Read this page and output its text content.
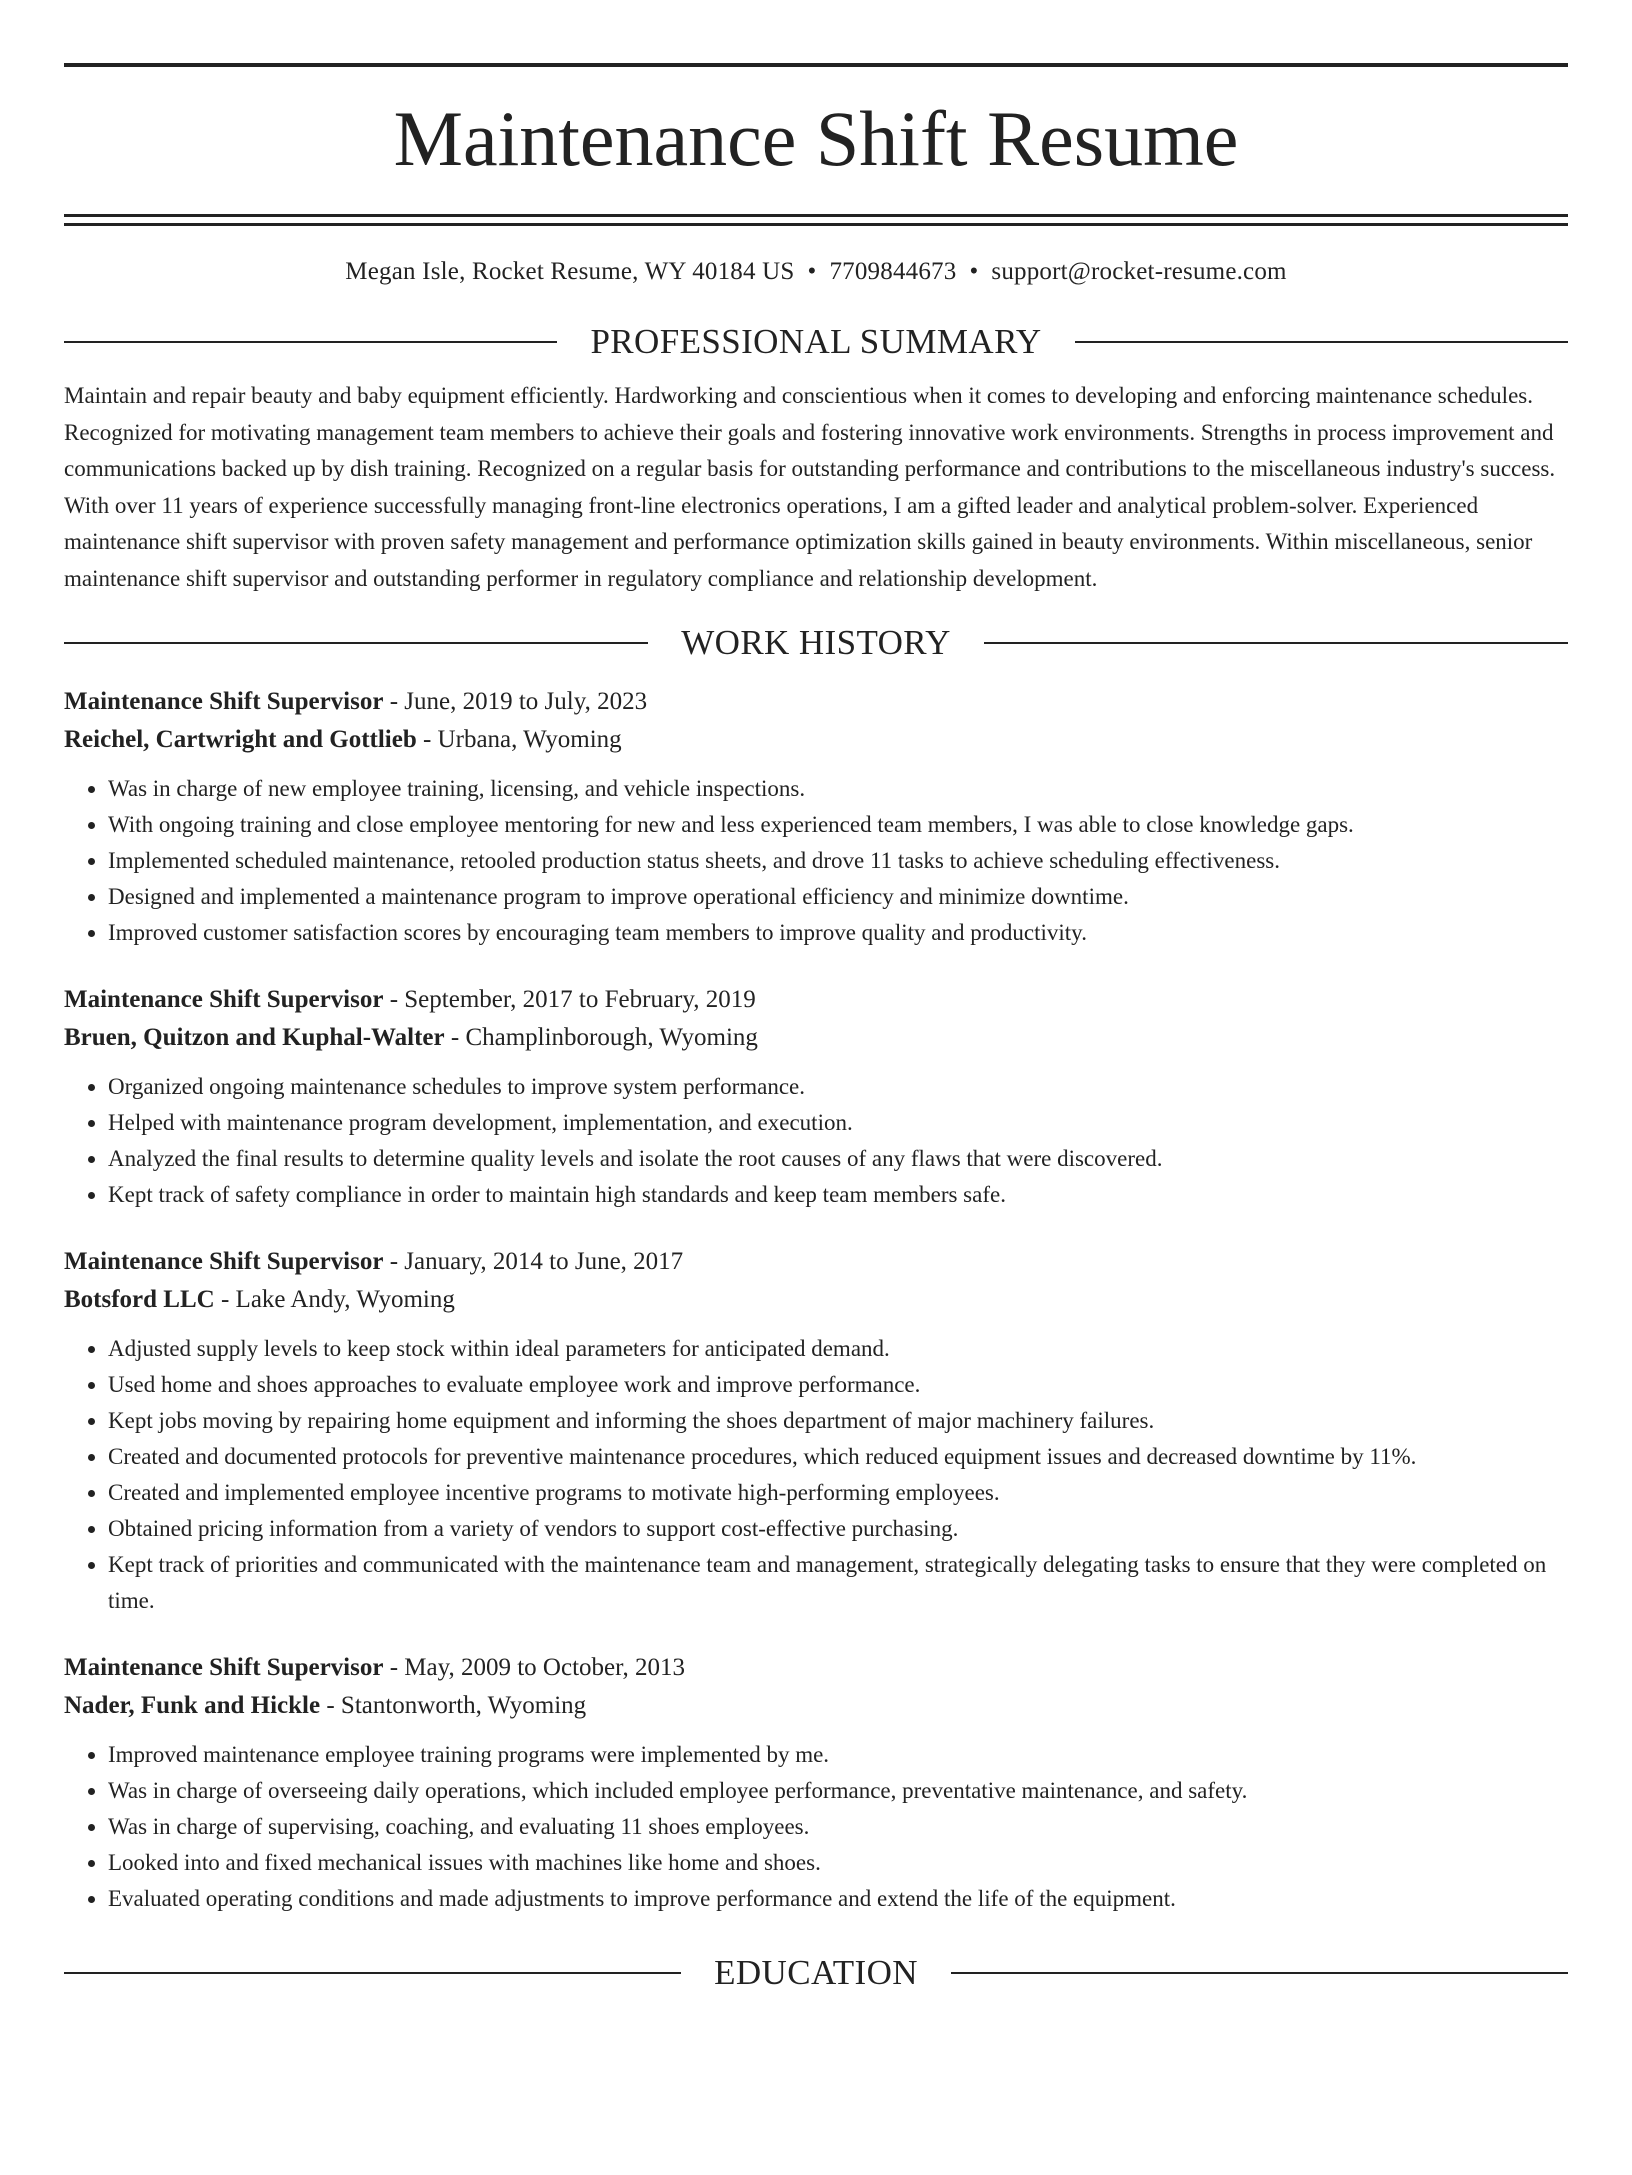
Maintenance Shift Resume
Megan Isle, Rocket Resume, WY 40184 US • 7709844673 • support@rocket-resume.com
PROFESSIONAL SUMMARY
Maintain and repair beauty and baby equipment efficiently. Hardworking and conscientious when it comes to developing and enforcing maintenance schedules. Recognized for motivating management team members to achieve their goals and fostering innovative work environments. Strengths in process improvement and communications backed up by dish training. Recognized on a regular basis for outstanding performance and contributions to the miscellaneous industry's success. With over 11 years of experience successfully managing front-line electronics operations, I am a gifted leader and analytical problem-solver. Experienced maintenance shift supervisor with proven safety management and performance optimization skills gained in beauty environments. Within miscellaneous, senior maintenance shift supervisor and outstanding performer in regulatory compliance and relationship development.
WORK HISTORY
Maintenance Shift Supervisor - June, 2019 to July, 2023
Reichel, Cartwright and Gottlieb - Urbana, Wyoming
• Was in charge of new employee training, licensing, and vehicle inspections.
• With ongoing training and close employee mentoring for new and less experienced team members, I was able to close knowledge gaps.
• Implemented scheduled maintenance, retooled production status sheets, and drove 11 tasks to achieve scheduling effectiveness.
• Designed and implemented a maintenance program to improve operational efficiency and minimize downtime.
• Improved customer satisfaction scores by encouraging team members to improve quality and productivity.
Maintenance Shift Supervisor - September, 2017 to February, 2019
Bruen, Quitzon and Kuphal-Walter - Champlinborough, Wyoming
• Organized ongoing maintenance schedules to improve system performance.
• Helped with maintenance program development, implementation, and execution.
• Analyzed the final results to determine quality levels and isolate the root causes of any flaws that were discovered.
• Kept track of safety compliance in order to maintain high standards and keep team members safe.
Maintenance Shift Supervisor - January, 2014 to June, 2017
Botsford LLC - Lake Andy, Wyoming
• Adjusted supply levels to keep stock within ideal parameters for anticipated demand.
• Used home and shoes approaches to evaluate employee work and improve performance.
• Kept jobs moving by repairing home equipment and informing the shoes department of major machinery failures.
• Created and documented protocols for preventive maintenance procedures, which reduced equipment issues and decreased downtime by 11%.
• Created and implemented employee incentive programs to motivate high-performing employees.
• Obtained pricing information from a variety of vendors to support cost-effective purchasing.
• Kept track of priorities and communicated with the maintenance team and management, strategically delegating tasks to ensure that they were completed on time.
Maintenance Shift Supervisor - May, 2009 to October, 2013
Nader, Funk and Hickle - Stantonworth, Wyoming
• Improved maintenance employee training programs were implemented by me.
• Was in charge of overseeing daily operations, which included employee performance, preventative maintenance, and safety.
• Was in charge of supervising, coaching, and evaluating 11 shoes employees.
• Looked into and fixed mechanical issues with machines like home and shoes.
• Evaluated operating conditions and made adjustments to improve performance and extend the life of the equipment.
EDUCATION
